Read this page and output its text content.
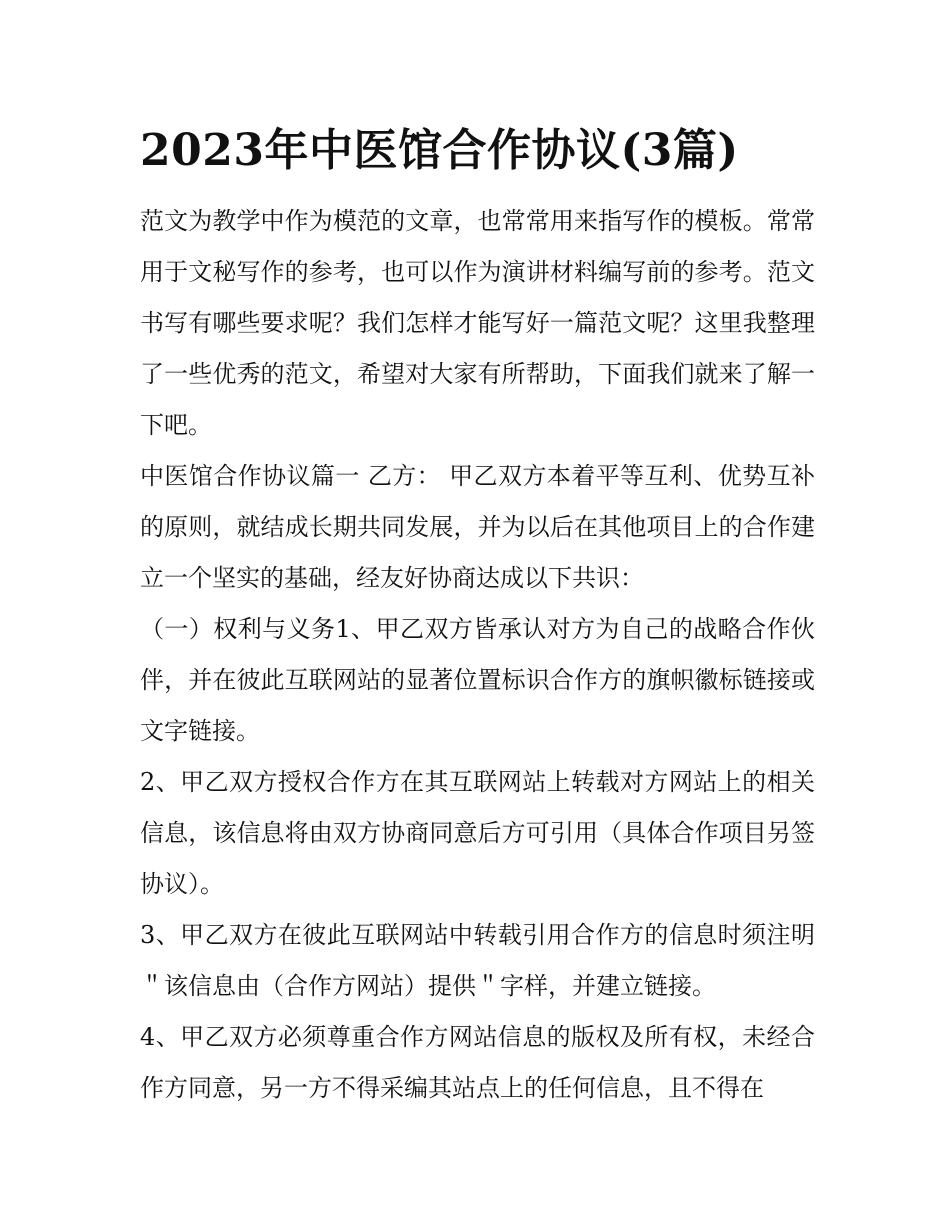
2023年中医馆合作协议(3篇)

范文为教学中作为模范的文章，也常常用来指写作的模板。常常用于文秘写作的参考，也可以作为演讲材料编写前的参考。范文书写有哪些要求呢？我们怎样才能写好一篇范文呢？这里我整理了一些优秀的范文，希望对大家有所帮助，下面我们就来了解一下吧。

中医馆合作协议篇一 乙方： 甲乙双方本着平等互利、优势互补的原则，就结成长期共同发展，并为以后在其他项目上的合作建立一个坚实的基础，经友好协商达成以下共识：

（一）权利与义务1、甲乙双方皆承认对方为自己的战略合作伙伴，并在彼此互联网站的显著位置标识合作方的旗帜徽标链接或文字链接。

2、甲乙双方授权合作方在其互联网站上转载对方网站上的相关信息，该信息将由双方协商同意后方可引用（具体合作项目另签协议）。

3、甲乙双方在彼此互联网站中转载引用合作方的信息时须注明＂该信息由（合作方网站）提供＂字样，并建立链接。

4、甲乙双方必须尊重合作方网站信息的版权及所有权，未经合作方同意，另一方不得采编其站点上的任何信息，且不得在
